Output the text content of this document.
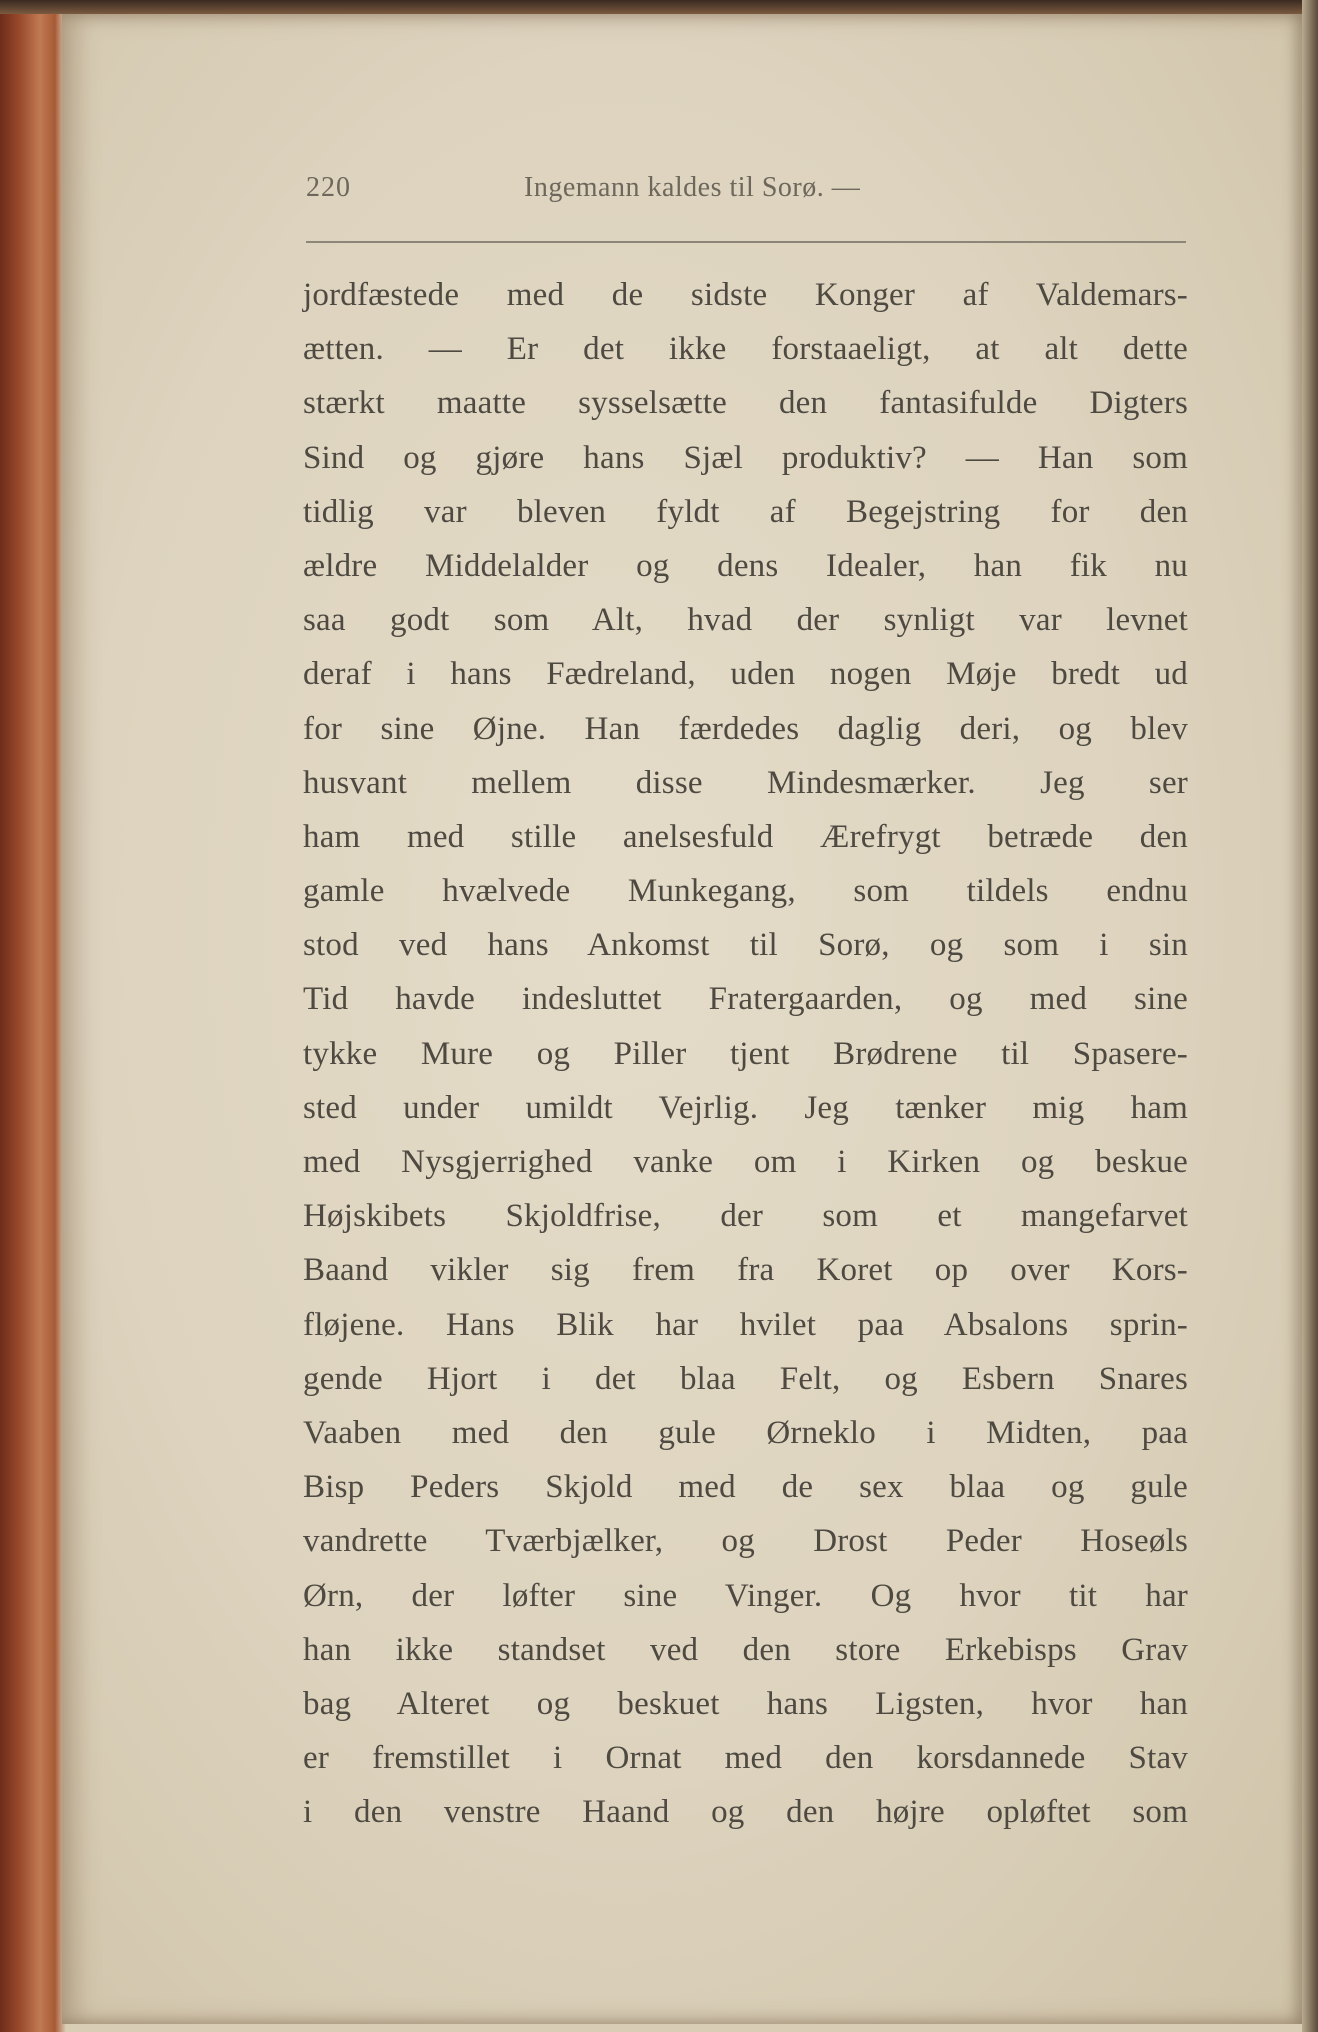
220	Ingemann kaldes til Sorø. —
jordfæstede med de sidste Konger af Valdemars-
ætten. — Er det ikke forstaaeligt, at alt dette
stærkt maatte sysselsætte den fantasifulde Digters
Sind og gjøre hans Sjæl produktiv? — Han som
tidlig var bleven fyldt af Begejstring for den
ældre Middelalder og dens Idealer, han fik nu
saa godt som Alt, hvad der synligt var levnet
deraf i hans Fædreland, uden nogen Møje bredt ud
for sine Øjne. Han færdedes daglig deri, og blev
husvant mellem disse Mindesmærker. Jeg ser
ham med stille anelsesfuld Ærefrygt betræde den
gamle hvælvede Munkegang, som tildels endnu
stod ved hans Ankomst til Sorø, og som i sin
Tid havde indesluttet Fratergaarden, og med sine
tykke Mure og Piller tjent Brødrene til Spasere-
sted under umildt Vejrlig. Jeg tænker mig ham
med Nysgjerrighed vanke om i Kirken og beskue
Højskibets Skjoldfrise, der som et mangefarvet
Baand vikler sig frem fra Koret op over Kors-
fløjene. Hans Blik har hvilet paa Absalons sprin-
gende Hjort i det blaa Felt, og Esbern Snares
Vaaben med den gule Ørneklo i Midten, paa
Bisp Peders Skjold med de sex blaa og gule
vandrette Tværbjælker, og Drost Peder Hoseøls
Ørn, der løfter sine Vinger. Og hvor tit har
han ikke standset ved den store Erkebisps Grav
bag Alteret og beskuet hans Ligsten, hvor han
er fremstillet i Ornat med den korsdannede Stav
i den venstre Haand og den højre opløftet som
